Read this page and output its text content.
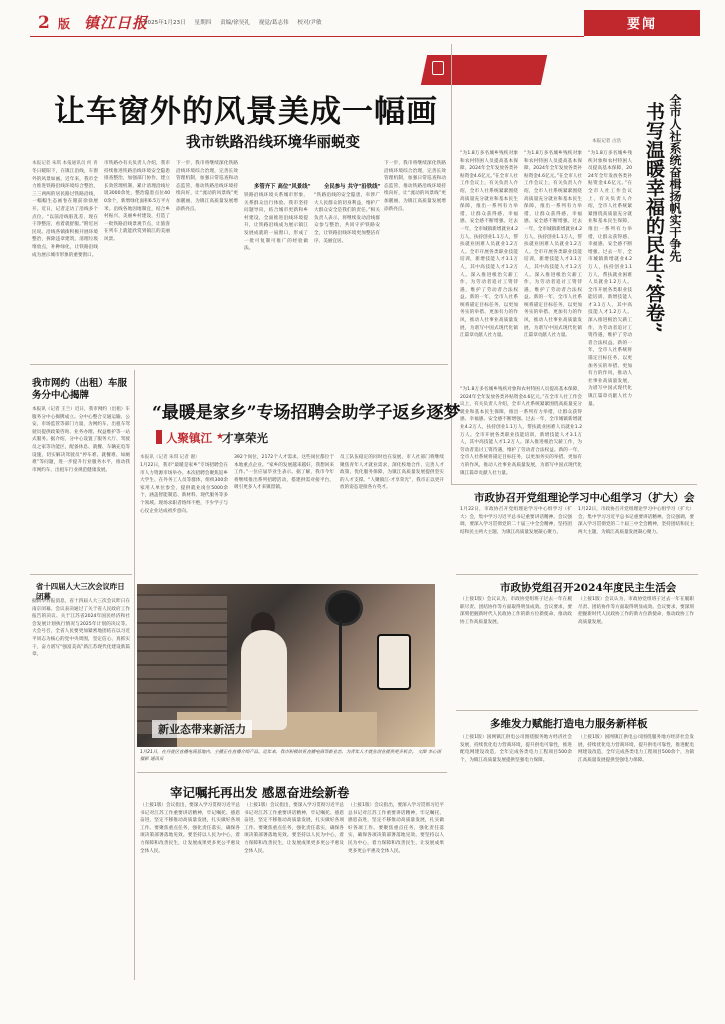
2 版 镇江日报
2025年1月23日 星期四 责编/徐昊礼 视觉/葛志伟 校对/尹敏	要闻
让车窗外的风景美成一幅画
我市铁路沿线环境华丽蜕变
本报记者 朱琪 本报通讯员 何 青
冬日暖阳下，在镇江沿线，车窗外的风景如画。近年来，我市全力推进铁路沿线环境综合整治，三三两两的居民路过铁路沿线，一幅幅生态画卷在眼前徐徐展开。近日，记者走访了沿线多个点位。“以前沿线脏乱差，现在干净整洁，看着就舒服。”附近居民说。沿线各镇街积极开展环境整治，拆除违章建筑，清理垃圾堆放点，补种绿化，让铁路沿线成为展示城市形象的重要窗口。
市铁路办有关负责人介绍，我市持续推进铁路沿线环境安全隐患排查整治，加强部门协作，建立长效管理机制，累计清理沿线垃圾3000余处，整治隐患点位400余个，新增绿化面积6.5万平方米。沿线各地因地制宜，结合乡村振兴、美丽乡村建设，打造了一批铁路沿线景观节点，让旅客在列车上就能欣赏到镇江的美丽风景。
下一步，我市将继续深化铁路沿线环境综合治理，完善长效管理机制，加强日常巡查和动态监管，推动铁路沿线环境持续向好，让“流动的风景线”更加靓丽，为镇江高质量发展增添新亮点。
多管齐下 高位“风景线”
铁路沿线环境关系城市形象，关系群众出行体验。我市坚持问题导向，结合城市更新和乡村建设，全面推进沿线环境提升，让铁路沿线成为展示镇江发展成就的一扇窗口，形成了一批可复制可推广的经验做法。
全民参与 共守“沿铁线”
“铁路沿线的安全隐患，牵涉广大人民群众的切身利益，维护广大群众安全是我们的责任。”相关负责人表示，将继续发动沿线群众参与整治，共同守护铁路安全，让铁路沿线环境更加整洁有序、美丽宜居。
下一步，我市将继续深化铁路沿线环境综合治理，完善长效管理机制，加强日常巡查和动态监管，推动铁路沿线环境持续向好，让“流动的风景线”更加靓丽，为镇江高质量发展增添新亮点。	全市人社系统奋楫扬帆实干争先
书写温暖幸福的民生“答卷”
本报记者 古浩
“为1.8万多名城乡残疾对象和农村特困人员提高基本保障，2024年全年发放各类补贴资金4.6亿元。”在全市人社工作会议上，有关负责人介绍，全市人社系统紧紧围绕高质量充分就业和基本民生保障，推出一系列有力举措，让群众获得感、幸福感、安全感不断增强。过去一年，全市城镇新增就业4.2万人，扶持创业1.1万人，帮扶就业困难人员就业1.2万人。全市开展各类职业技能培训，新增技能人才3.1万人，其中高技能人才1.2万人。深入推进根治欠薪工作，为劳动者追讨工资待遇，维护了劳动者合法权益。新的一年，全市人社系统将锚定目标任务，以更加务实的举措、更加有力的作风，推动人社事业高质量发展，为谱写中国式现代化镇江篇章贡献人社力量。
“为1.8万多名城乡残疾对象和农村特困人员提高基本保障，2024年全年发放各类补贴资金4.6亿元。”在全市人社工作会议上，有关负责人介绍，全市人社系统紧紧围绕高质量充分就业和基本民生保障，推出一系列有力举措，让群众获得感、幸福感、安全感不断增强。过去一年，全市城镇新增就业4.2万人，扶持创业1.1万人，帮扶就业困难人员就业1.2万人。全市开展各类职业技能培训，新增技能人才3.1万人，其中高技能人才1.2万人。深入推进根治欠薪工作，为劳动者追讨工资待遇，维护了劳动者合法权益。新的一年，全市人社系统将锚定目标任务，以更加务实的举措、更加有力的作风，推动人社事业高质量发展，为谱写中国式现代化镇江篇章贡献人社力量。
“为1.8万多名城乡残疾对象和农村特困人员提高基本保障，2024年全年发放各类补贴资金4.6亿元。”在全市人社工作会议上，有关负责人介绍，全市人社系统紧紧围绕高质量充分就业和基本民生保障，推出一系列有力举措，让群众获得感、幸福感、安全感不断增强。过去一年，全市城镇新增就业4.2万人，扶持创业1.1万人，帮扶就业困难人员就业1.2万人。全市开展各类职业技能培训，新增技能人才3.1万人，其中高技能人才1.2万人。深入推进根治欠薪工作，为劳动者追讨工资待遇，维护了劳动者合法权益。新的一年，全市人社系统将锚定目标任务，以更加务实的举措、更加有力的作风，推动人社事业高质量发展，为谱写中国式现代化镇江篇章贡献人社力量。
“为1.8万多名城乡残疾对象和农村特困人员提高基本保障，2024年全年发放各类补贴资金4.6亿元。”在全市人社工作会议上，有关负责人介绍，全市人社系统紧紧围绕高质量充分就业和基本民生保障，推出一系列有力举措，让群众获得感、幸福感、安全感不断增强。过去一年，全市城镇新增就业4.2万人，扶持创业1.1万人，帮扶就业困难人员就业1.2万人。全市开展各类职业技能培训，新增技能人才3.1万人，其中高技能人才1.2万人。深入推进根治欠薪工作，为劳动者追讨工资待遇，维护了劳动者合法权益。新的一年，全市人社系统将锚定目标任务，以更加务实的举措、更加有力的作风，推动人社事业高质量发展，为谱写中国式现代化镇江篇章贡献人社力量。
我市网约（出租）车服务分中心揭牌
本报讯（记者 王兰）近日，我市网约（出租）车服务分中心揭牌成立。分中心整合交通运输、公安、市场监管等部门力量，为网约车、出租车驾驶员提供政策咨询、业务办理、权益维护等一站式服务。据介绍，分中心设置了服务大厅、驾驶员之家等功能区，配备休息、就餐、车辆充电等设施，切实解决驾驶员“停车难、就餐难、如厕难”等问题，进一步提升行业服务水平，推动我市网约车、出租车行业规范健康发展。
省十四届人大三次会议昨日闭幕
据新华日报消息，省十四届人大三次会议昨日在南京闭幕。会议表决通过了关于省人民政府工作报告的决议、关于江苏省2024年国民经济和社会发展计划执行情况与2025年计划的决议等。大会号召，全省人民要更加紧密地团结在以习近平同志为核心的党中央周围，坚定信心、真抓实干，奋力谱写“强富美高”新江苏现代化建设新篇章。
“最暖是家乡”专场招聘会助学子返乡逐梦
人聚镇江 ★
才享荣光
本报讯（记者 朱琪 记者 谢）
1月22日，我市“最暖是家乡”专场招聘会在市人力资源市场举办。本次招聘会聚焦返乡大学生、在外务工人员等群体，组织300余家用人单位参会，提供就业岗位5000余个，涵盖智能制造、新材料、现代服务等多个领域。现场求职者络绎不绝，不少学子与心仪企业达成初步意向。
392个岗位，2172个人才需求。这些岗位都位于本地重点企业。“家乡的发展越来越好，我想回来工作。”一位应届毕业生表示。据了解，我市今年将继续推出系列招聘活动，搭建供需对接平台，吸引更多人才来镇留镇。
员工队伍稳定的同时也在发展，市人社部门将继续聚焦青年人才就业需求，深化校地合作，完善人才政策，优化服务保障，为镇江高质量发展提供坚实的人才支撑。“人聚镇江·才享荣光”，我市正以更开放的姿态迎接各方英才。
新业态带来新活力
1月21日，在丹徒区直播电商基地内，主播正在直播介绍产品。近年来，我市积极培育直播电商等新业态，为青年人才就业创业提供更多机会。 文图 李心雨 摄影 通讯员
宰记嘱托再出发 感恩奋进绘新卷
（上接1版）会议指出，要深入学习贯彻习近平总书记对江苏工作重要讲话精神，牢记嘱托、感恩奋进，坚定不移推动高质量发展，扎实做好各项工作。要聚焦重点任务，强化责任落实，确保各项决策部署落地见效。要坚持以人民为中心，着力保障和改善民生，让发展成果更多更公平惠及全体人民。
（上接1版）会议指出，要深入学习贯彻习近平总书记对江苏工作重要讲话精神，牢记嘱托、感恩奋进，坚定不移推动高质量发展，扎实做好各项工作。要聚焦重点任务，强化责任落实，确保各项决策部署落地见效。要坚持以人民为中心，着力保障和改善民生，让发展成果更多更公平惠及全体人民。
（上接1版）会议指出，要深入学习贯彻习近平总书记对江苏工作重要讲话精神，牢记嘱托、感恩奋进，坚定不移推动高质量发展，扎实做好各项工作。要聚焦重点任务，强化责任落实，确保各项决策部署落地见效。要坚持以人民为中心，着力保障和改善民生，让发展成果更多更公平惠及全体人民。
市政协召开党组理论学习中心组学习（扩大）会
1月22日，市政协召开党组理论学习中心组学习（扩大）会，集中学习习近平总书记重要讲话精神。会议强调，要深入学习贯彻党的二十届三中全会精神，坚持团结和民主两大主题，为镇江高质量发展凝心聚力。
1月22日，市政协召开党组理论学习中心组学习（扩大）会，集中学习习近平总书记重要讲话精神。会议强调，要深入学习贯彻党的二十届三中全会精神，坚持团结和民主两大主题，为镇江高质量发展凝心聚力。
市政协党组召开2024年度民主生活会
（上接1版）会议认为，市政协党组班子过去一年在履职尽责、团结协作等方面取得明显成效。会议要求，要深刻把握新时代人民政协工作的新方位新使命，推动政协工作高质量发展。
（上接1版）会议认为，市政协党组班子过去一年在履职尽责、团结协作等方面取得明显成效。会议要求，要深刻把握新时代人民政协工作的新方位新使命，推动政协工作高质量发展。
多维发力赋能打造电力服务新样板
（上接1版）国网镇江供电公司围绕服务地方经济社会发展，持续优化电力营商环境，提升供电可靠性，推进配电网建设改造，全年完成各类电力工程项目500余个，为镇江高质量发展提供坚强电力保障。
（上接1版）国网镇江供电公司围绕服务地方经济社会发展，持续优化电力营商环境，提升供电可靠性，推进配电网建设改造，全年完成各类电力工程项目500余个，为镇江高质量发展提供坚强电力保障。
